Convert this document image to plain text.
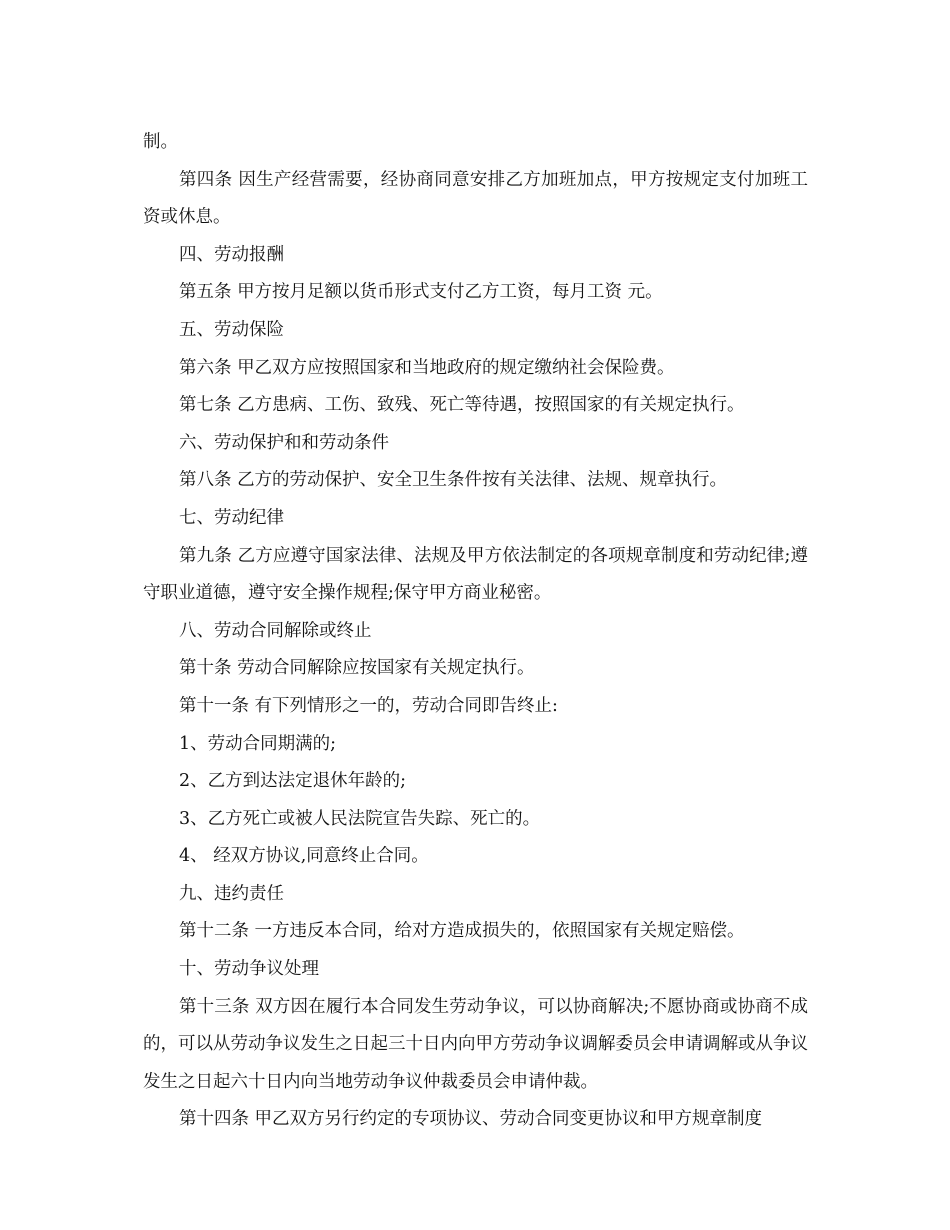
制。

第四条 因生产经营需要，经协商同意安排乙方加班加点，甲方按规定支付加班工资或休息。

四、劳动报酬

第五条 甲方按月足额以货币形式支付乙方工资，每月工资 元。

五、劳动保险

第六条 甲乙双方应按照国家和当地政府的规定缴纳社会保险费。

第七条 乙方患病、工伤、致残、死亡等待遇，按照国家的有关规定执行。

六、劳动保护和和劳动条件

第八条 乙方的劳动保护、安全卫生条件按有关法律、法规、规章执行。

七、劳动纪律

第九条 乙方应遵守国家法律、法规及甲方依法制定的各项规章制度和劳动纪律;遵守职业道德，遵守安全操作规程;保守甲方商业秘密。

八、劳动合同解除或终止

第十条 劳动合同解除应按国家有关规定执行。

第十一条 有下列情形之一的，劳动合同即告终止:

1、劳动合同期满的;

2、乙方到达法定退休年龄的;

3、乙方死亡或被人民法院宣告失踪、死亡的。

4、 经双方协议,同意终止合同。

九、违约责任

第十二条 一方违反本合同，给对方造成损失的，依照国家有关规定赔偿。

十、劳动争议处理

第十三条 双方因在履行本合同发生劳动争议，可以协商解决;不愿协商或协商不成的，可以从劳动争议发生之日起三十日内向甲方劳动争议调解委员会申请调解或从争议发生之日起六十日内向当地劳动争议仲裁委员会申请仲裁。

第十四条 甲乙双方另行约定的专项协议、劳动合同变更协议和甲方规章制度
